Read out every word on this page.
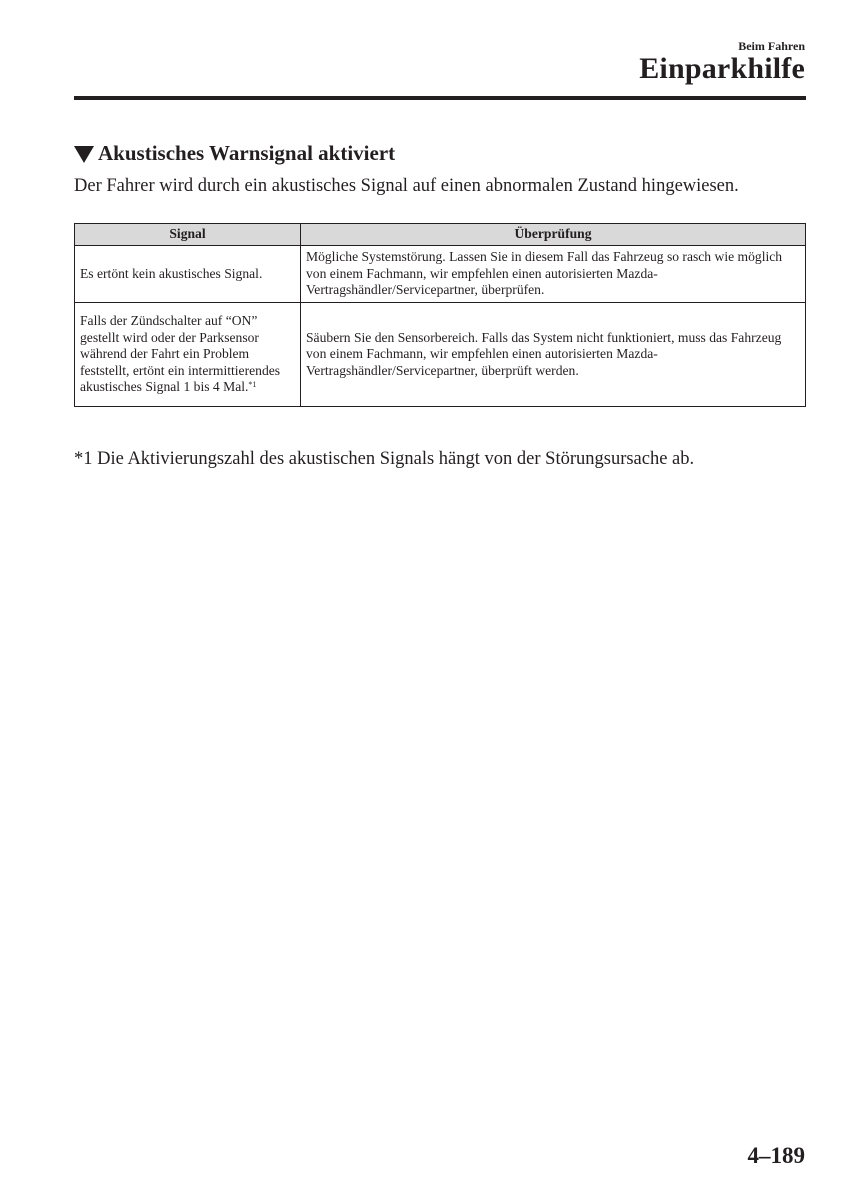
Beim Fahren
Einparkhilfe
Akustisches Warnsignal aktiviert
Der Fahrer wird durch ein akustisches Signal auf einen abnormalen Zustand hingewiesen.
Signal	Überprüfung
Es ertönt kein akustisches Signal.	Mögliche Systemstörung. Lassen Sie in diesem Fall das Fahrzeug so rasch wie möglich von einem Fachmann, wir empfehlen einen autorisierten Mazda-Vertragshändler/Servicepartner, überprüfen.
Falls der Zündschalter auf “ON” gestellt wird oder der Parksensor während der Fahrt ein Problem feststellt, ertönt ein intermittierendes akustisches Signal 1 bis 4 Mal.$^{*1}$	Säubern Sie den Sensorbereich. Falls das System nicht funktioniert, muss das Fahrzeug von einem Fachmann, wir empfehlen einen autorisierten Mazda-Vertragshändler/Servicepartner, überprüft werden.
*1 Die Aktivierungszahl des akustischen Signals hängt von der Störungsursache ab.
4–189
